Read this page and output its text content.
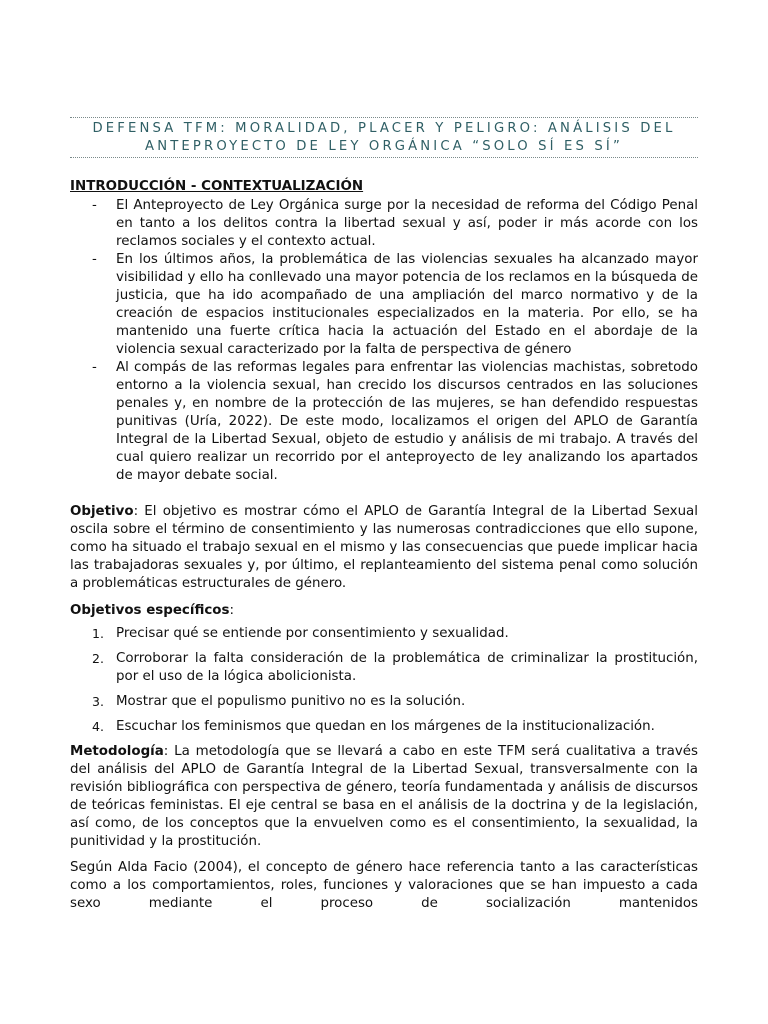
DEFENSA TFM: MORALIDAD, PLACER Y PELIGRO: ANÁLISIS DEL
ANTEPROYECTO DE LEY ORGÁNICA “SOLO SÍ ES SÍ”
INTRODUCCIÓN - CONTEXTUALIZACIÓN
- El Anteproyecto de Ley Orgánica surge por la necesidad de reforma del Código Penal en tanto a los delitos contra la libertad sexual y así, poder ir más acorde con los reclamos sociales y el contexto actual.
- En los últimos años, la problemática de las violencias sexuales ha alcanzado mayor visibilidad y ello ha conllevado una mayor potencia de los reclamos en la búsqueda de justicia, que ha ido acompañado de una ampliación del marco normativo y de la creación de espacios institucionales especializados en la materia. Por ello, se ha mantenido una fuerte crítica hacia la actuación del Estado en el abordaje de la violencia sexual caracterizado por la falta de perspectiva de género
- Al compás de las reformas legales para enfrentar las violencias machistas, sobretodo entorno a la violencia sexual, han crecido los discursos centrados en las soluciones penales y, en nombre de la protección de las mujeres, se han defendido respuestas punitivas (Uría, 2022). De este modo, localizamos el origen del APLO de Garantía Integral de la Libertad Sexual, objeto de estudio y análisis de mi trabajo. A través del cual quiero realizar un recorrido por el anteproyecto de ley analizando los apartados de mayor debate social.

Objetivo: El objetivo es mostrar cómo el APLO de Garantía Integral de la Libertad Sexual oscila sobre el término de consentimiento y las numerosas contradicciones que ello supone, como ha situado el trabajo sexual en el mismo y las consecuencias que puede implicar hacia las trabajadoras sexuales y, por último, el replanteamiento del sistema penal como solución a problemáticas estructurales de género.

Objetivos específicos:

1. Precisar qué se entiende por consentimiento y sexualidad.
2. Corroborar la falta consideración de la problemática de criminalizar la prostitución, por el uso de la lógica abolicionista.
3. Mostrar que el populismo punitivo no es la solución.
4. Escuchar los feminismos que quedan en los márgenes de la institucionalización.

Metodología: La metodología que se llevará a cabo en este TFM será cualitativa a través del análisis del APLO de Garantía Integral de la Libertad Sexual, transversalmente con la revisión bibliográfica con perspectiva de género, teoría fundamentada y análisis de discursos de teóricas feministas. El eje central se basa en el análisis de la doctrina y de la legislación, así como, de los conceptos que la envuelven como es el consentimiento, la sexualidad, la punitividad y la prostitución.

Según Alda Facio (2004), el concepto de género hace referencia tanto a las características como a los comportamientos, roles, funciones y valoraciones que se han impuesto a cada sexo mediante el proceso de socialización mantenidos
